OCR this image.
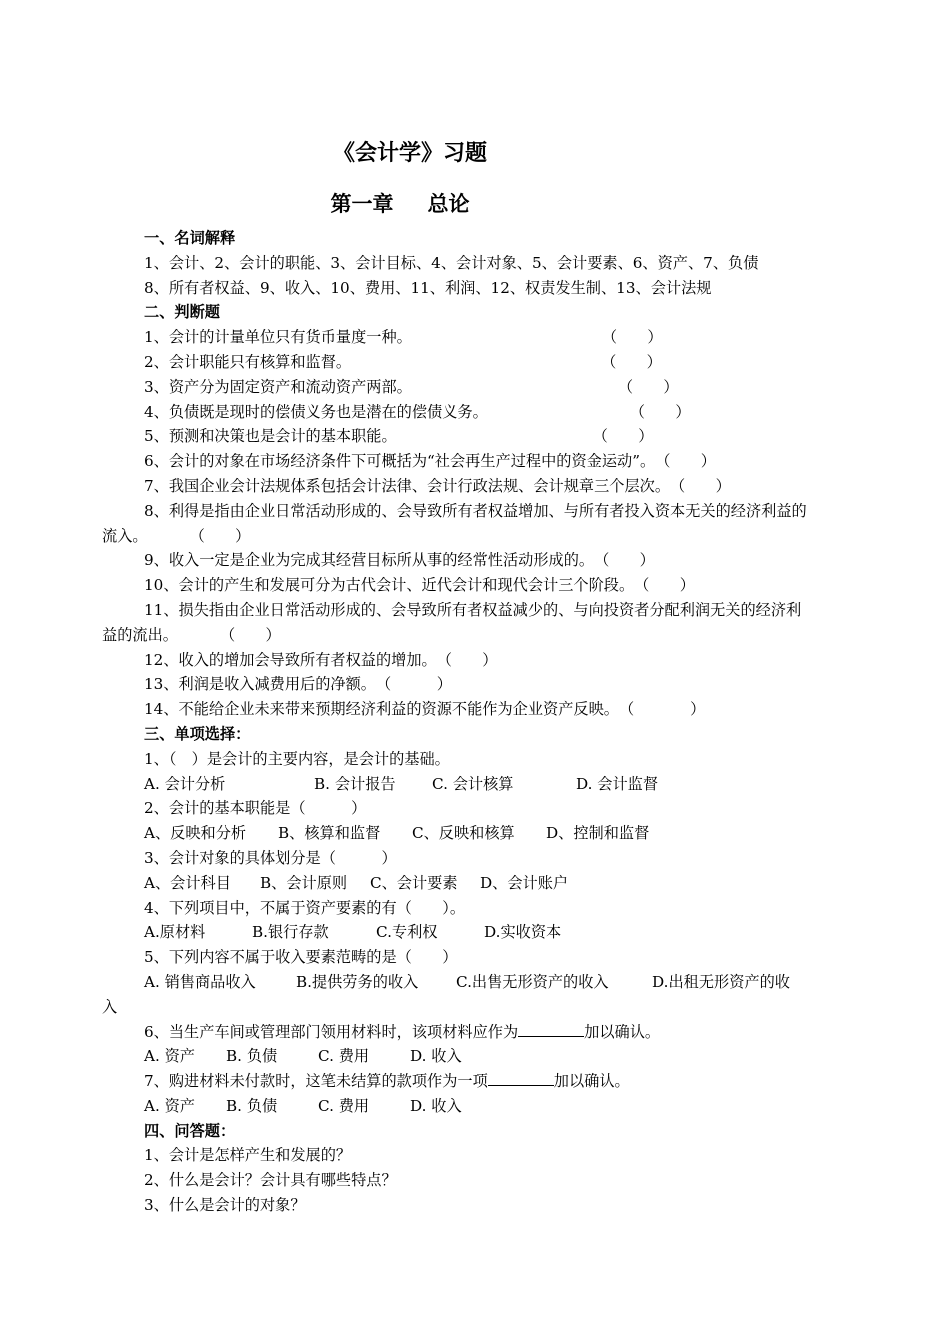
《会计学》习题
第一章 总论
一、名词解释
1、会计、2、会计的职能、3、会计目标、4、会计对象、5、会计要素、6、资产、7、负债
8、所有者权益、9、收入、10、费用、11、利润、12、权责发生制、13、会计法规
二、判断题
1、会计的计量单位只有货币量度一种。	（　　）
2、会计职能只有核算和监督。	（　　）
3、资产分为固定资产和流动资产两部。	（　　）
4、负债既是现时的偿债义务也是潜在的偿债义务。	（　　）
5、预测和决策也是会计的基本职能。	（　　）
6、会计的对象在市场经济条件下可概括为“社会再生产过程中的资金运动”。（　　）
7、我国企业会计法规体系包括会计法律、会计行政法规、会计规章三个层次。（　　）
8、利得是指由企业日常活动形成的、会导致所有者权益增加、与所有者投入资本无关的经济利益的流入。	（　　）
9、收入一定是企业为完成其经营目标所从事的经常性活动形成的。（　　）
10、会计的产生和发展可分为古代会计、近代会计和现代会计三个阶段。（　　）
11、损失指由企业日常活动形成的、会导致所有者权益减少的、与向投资者分配利润无关的经济利益的流出。	（　　）
12、收入的增加会导致所有者权益的增加。（　　）
13、利润是收入减费用后的净额。（　　　）
14、不能给企业未来带来预期经济利益的资源不能作为企业资产反映。（	）
三、单项选择：
1、（　）是会计的主要内容，是会计的基础。
A. 会计分析	B. 会计报告 C. 会计核算	D. 会计监督
2、会计的基本职能是（　　　）
A、反映和分析 B、核算和监督 C、反映和核算 D、控制和监督
3、会计对象的具体划分是（　　　）
A、会计科目 B、会计原则 C、会计要素 D、会计账户
4、下列项目中，不属于资产要素的有（　　）。
A.原材料	B.银行存款	C.专利权	D.实收资本
5、下列内容不属于收入要素范畴的是（　　）
A. 销售商品收入	B.提供劳务的收入 C.出售无形资产的收入	D.出租无形资产的收
入
6、当生产车间或管理部门领用材料时，该项材料应作为	加以确认。
A. 资产 B. 负债	C. 费用	D. 收入
7、购进材料未付款时，这笔未结算的款项作为一项	加以确认。
A. 资产 B. 负债	C. 费用	D. 收入
四、问答题：
1、会计是怎样产生和发展的？
2、什么是会计？会计具有哪些特点？
3、什么是会计的对象？
